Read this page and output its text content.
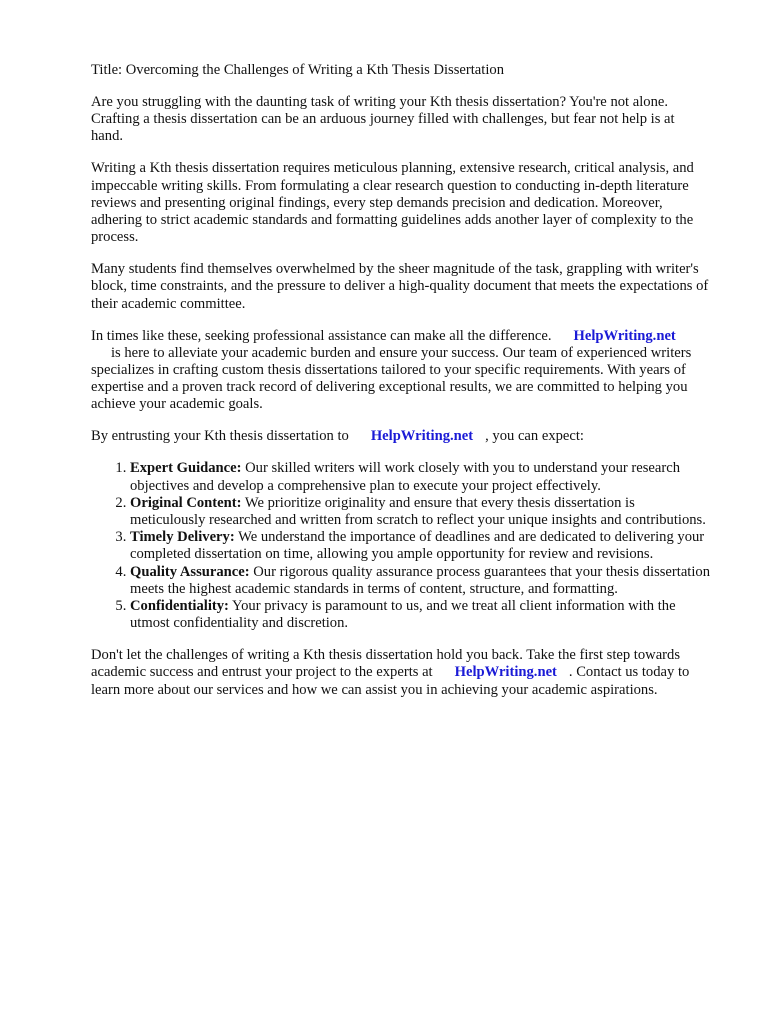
Title: Overcoming the Challenges of Writing a Kth Thesis Dissertation

Are you struggling with the daunting task of writing your Kth thesis dissertation? You're not alone. Crafting a thesis dissertation can be an arduous journey filled with challenges, but fear not help is at hand.

Writing a Kth thesis dissertation requires meticulous planning, extensive research, critical analysis, and impeccable writing skills. From formulating a clear research question to conducting in-depth literature reviews and presenting original findings, every step demands precision and dedication. Moreover, adhering to strict academic standards and formatting guidelines adds another layer of complexity to the process.

Many students find themselves overwhelmed by the sheer magnitude of the task, grappling with writer's block, time constraints, and the pressure to deliver a high-quality document that meets the expectations of their academic committee.

In times like these, seeking professional assistance can make all the difference. HelpWriting.net
is here to alleviate your academic burden and ensure your success. Our team of experienced writers specializes in crafting custom thesis dissertations tailored to your specific requirements. With years of expertise and a proven track record of delivering exceptional results, we are committed to helping you achieve your academic goals.

By entrusting your Kth thesis dissertation to HelpWriting.net , you can expect:

1. Expert Guidance: Our skilled writers will work closely with you to understand your research objectives and develop a comprehensive plan to execute your project effectively.
2. Original Content: We prioritize originality and ensure that every thesis dissertation is meticulously researched and written from scratch to reflect your unique insights and contributions.
3. Timely Delivery: We understand the importance of deadlines and are dedicated to delivering your completed dissertation on time, allowing you ample opportunity for review and revisions.
4. Quality Assurance: Our rigorous quality assurance process guarantees that your thesis dissertation meets the highest academic standards in terms of content, structure, and formatting.
5. Confidentiality: Your privacy is paramount to us, and we treat all client information with the utmost confidentiality and discretion.

Don't let the challenges of writing a Kth thesis dissertation hold you back. Take the first step towards academic success and entrust your project to the experts at HelpWriting.net . Contact us today to learn more about our services and how we can assist you in achieving your academic aspirations.
